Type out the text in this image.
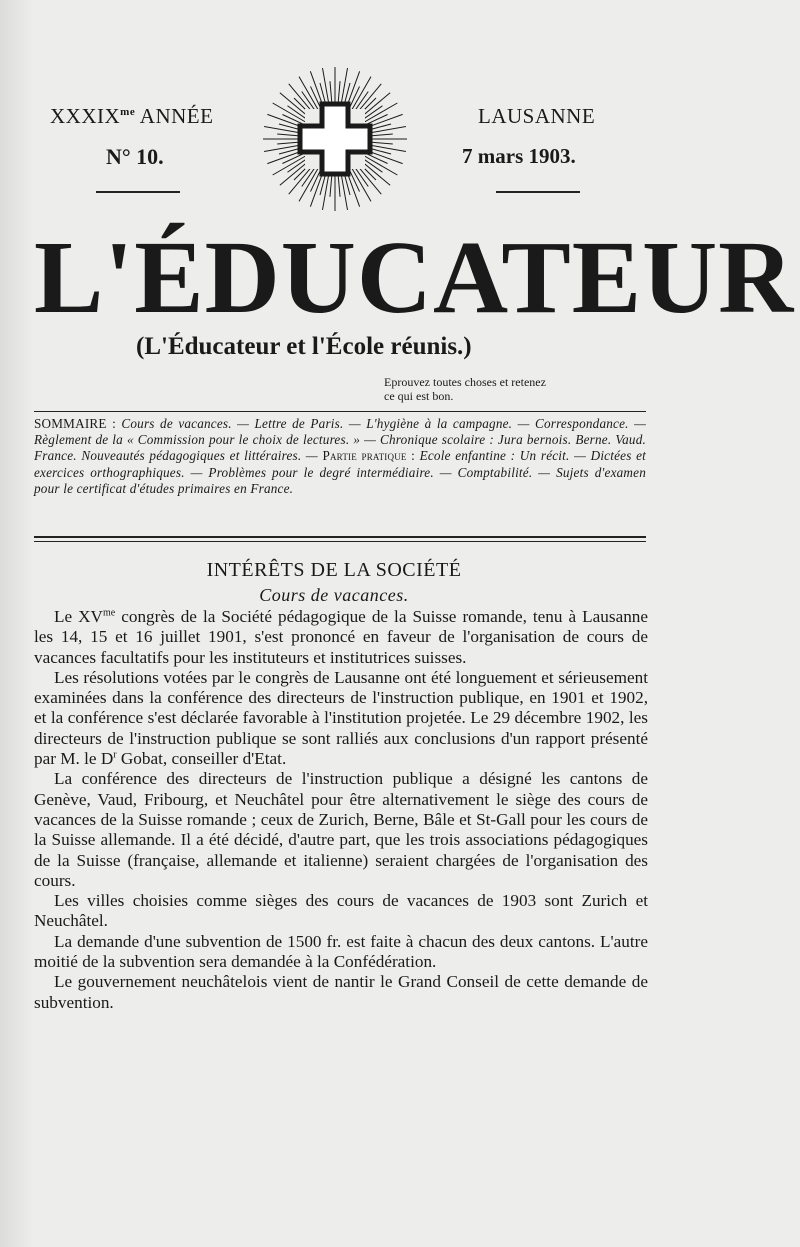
$XXXIX^{me}$ ANNÉE
N° 10.
LAUSANNE
7 mars 1903.
L'ÉDUCATEUR
(L'Éducateur et l'École réunis.)
Eprouvez toutes choses et retenez
ce qui est bon.
SOMMAIRE : Cours de vacances. — Lettre de Paris. — L'hygiène à la campagne. — Correspondance. — Règlement de la « Commission pour le choix de lectures. » — Chronique scolaire : Jura bernois. Berne. Vaud. France. Nouveautés pédagogiques et littéraires. — Partie pratique : Ecole enfantine : Un récit. — Dictées et exercices orthographiques. — Problèmes pour le degré intermédiaire. — Comptabilité. — Sujets d'examen pour le certificat d'études primaires en France.
INTÉRÊTS DE LA SOCIÉTÉ
Cours de vacances.

Le $XV^{me}$ congrès de la Société pédagogique de la Suisse romande, tenu à Lausanne les 14, 15 et 16 juillet 1901, s'est prononcé en faveur de l'organisation de cours de vacances facultatifs pour les instituteurs et institutrices suisses.

Les résolutions votées par le congrès de Lausanne ont été longuement et sérieusement examinées dans la conférence des directeurs de l'instruction publique, en 1901 et 1902, et la conférence s'est déclarée favorable à l'institution projetée. Le 29 décembre 1902, les directeurs de l'instruction publique se sont ralliés aux conclusions d'un rapport présenté par M. le $D^r$ Gobat, conseiller d'Etat.

La conférence des directeurs de l'instruction publique a désigné les cantons de Genève, Vaud, Fribourg, et Neuchâtel pour être alternativement le siège des cours de vacances de la Suisse romande ; ceux de Zurich, Berne, Bâle et St-Gall pour les cours de la Suisse allemande. Il a été décidé, d'autre part, que les trois associations pédagogiques de la Suisse (française, allemande et italienne) seraient chargées de l'organisation des cours.

Les villes choisies comme sièges des cours de vacances de 1903 sont Zurich et Neuchâtel.

La demande d'une subvention de 1500 fr. est faite à chacun des deux cantons. L'autre moitié de la subvention sera demandée à la Confédération.

Le gouvernement neuchâtelois vient de nantir le Grand Conseil de cette demande de subvention.
